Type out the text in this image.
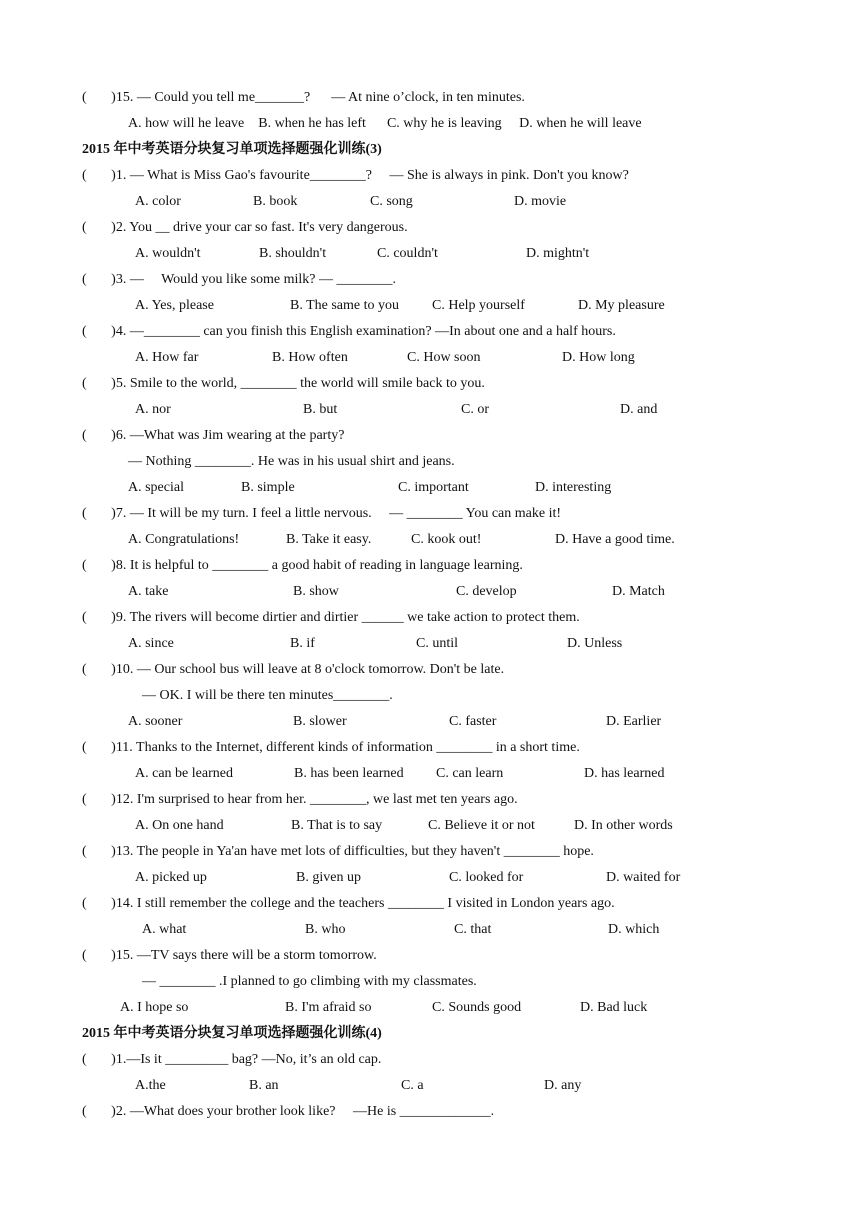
(       )15. — Could you tell me_______?      — At nine o’clock, in ten minutes.
A. how will he leave    B. when he has left      C. why he is leaving     D. when he will leave
2015 年中考英语分块复习单项选择题强化训练(3)
(       )1. — What is Miss Gao's favourite________?     — She is always in pink. Don't you know?
A. color	B. book	C. song	D. movie
(       )2. You __ drive your car so fast. It's very dangerous.
A. wouldn't	B. shouldn't	C. couldn't	D. mightn't
(       )3. —     Would you like some milk? — ________.
A. Yes, please	B. The same to you C. Help yourself	D. My pleasure
(       )4. —________ can you finish this English examination? —In about one and a half hours.
A. How far	B. How often	C. How soon	D. How long
(       )5. Smile to the world, ________ the world will smile back to you.
A. nor	B. but	C. or	D. and
(       )6. —What was Jim wearing at the party?
— Nothing ________. He was in his usual shirt and jeans.
A. special	B. simple	C. important	D. interesting
(       )7. — It will be my turn. I feel a little nervous.     — ________ You can make it!
A. Congratulations!	B. Take it easy.	C. kook out!	D. Have a good time.
(       )8. It is helpful to ________ a good habit of reading in language learning.
A. take	B. show	C. develop	D. Match
(       )9. The rivers will become dirtier and dirtier ______ we take action to protect them.
A. since	B. if	C. until	D. Unless
(       )10. — Our school bus will leave at 8 o'clock tomorrow. Don't be late.
— OK. I will be there ten minutes________.
A. sooner	B. slower	C. faster	D. Earlier
(       )11. Thanks to the Internet, different kinds of information ________ in a short time.
A. can be learned	B. has been learned C. can learn	D. has learned
(       )12. I'm surprised to hear from her. ________, we last met ten years ago.
A. On one hand	B. That is to say	C. Believe it or not	D. In other words
(       )13. The people in Ya'an have met lots of difficulties, but they haven't ________ hope.
A. picked up	B. given up	C. looked for	D. waited for
(       )14. I still remember the college and the teachers ________ I visited in London years ago.
A. what	B. who	C. that	D. which
(       )15. —TV says there will be a storm tomorrow.
— ________ .I planned to go climbing with my classmates.
A. I hope so	B. I'm afraid so	C. Sounds good	D. Bad luck
2015 年中考英语分块复习单项选择题强化训练(4)
(       )1.—Is it _________ bag? —No, it’s an old cap.
A.the	B. an	C. a	D. any
(       )2. —What does your brother look like?     —He is _____________.
